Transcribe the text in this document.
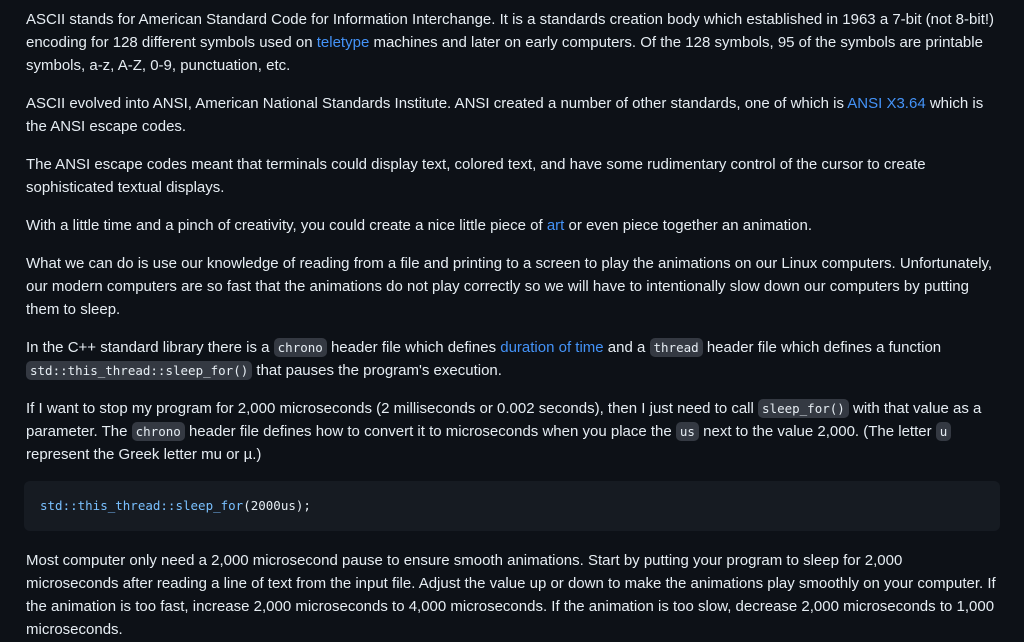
ASCII stands for American Standard Code for Information Interchange. It is a standards creation body which established in 1963 a 7-bit (not 8-bit!) encoding for 128 different symbols used on teletype machines and later on early computers. Of the 128 symbols, 95 of the symbols are printable symbols, a-z, A-Z, 0-9, punctuation, etc.

ASCII evolved into ANSI, American National Standards Institute. ANSI created a number of other standards, one of which is ANSI X3.64 which is the ANSI escape codes.

The ANSI escape codes meant that terminals could display text, colored text, and have some rudimentary control of the cursor to create sophisticated textual displays.

With a little time and a pinch of creativity, you could create a nice little piece of art or even piece together an animation.

What we can do is use our knowledge of reading from a file and printing to a screen to play the animations on our Linux computers. Unfortunately, our modern computers are so fast that the animations do not play correctly so we will have to intentionally slow down our computers by putting them to sleep.

In the C++ standard library there is a chrono header file which defines duration of time and a thread header file which defines a function std::this_thread::sleep_for() that pauses the program's execution.

If I want to stop my program for 2,000 microseconds (2 milliseconds or 0.002 seconds), then I just need to call sleep_for() with that value as a parameter. The chrono header file defines how to convert it to microseconds when you place the us next to the value 2,000. (The letter u represent the Greek letter mu or µ.)

std::this_thread::sleep_for(2000us);

Most computer only need a 2,000 microsecond pause to ensure smooth animations. Start by putting your program to sleep for 2,000 microseconds after reading a line of text from the input file. Adjust the value up or down to make the animations play smoothly on your computer. If the animation is too fast, increase 2,000 microseconds to 4,000 microseconds. If the animation is too slow, decrease 2,000 microseconds to 1,000 microseconds.
